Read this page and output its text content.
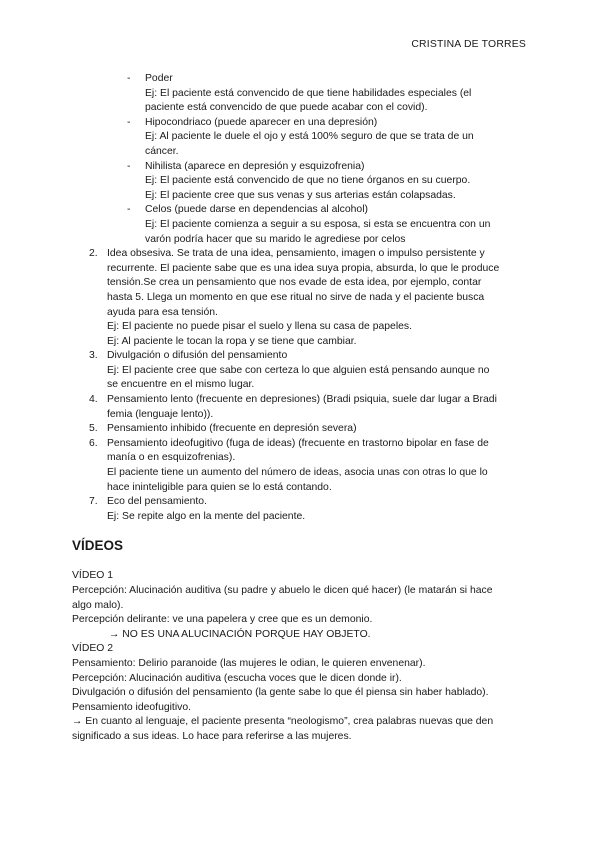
CRISTINA DE TORRES
- Poder
Ej: El paciente está convencido de que tiene habilidades especiales (el
paciente está convencido de que puede acabar con el covid).
- Hipocondriaco (puede aparecer en una depresión)
Ej: Al paciente le duele el ojo y está 100% seguro de que se trata de un
cáncer.
- Nihilista (aparece en depresión y esquizofrenia)
Ej: El paciente está convencido de que no tiene órganos en su cuerpo.
Ej: El paciente cree que sus venas y sus arterias están colapsadas.
- Celos (puede darse en dependencias al alcohol)
Ej: El paciente comienza a seguir a su esposa, si esta se encuentra con un
varón podría hacer que su marido le agrediese por celos
2. Idea obsesiva. Se trata de una idea, pensamiento, imagen o impulso persistente y
recurrente. El paciente sabe que es una idea suya propia, absurda, lo que le produce
tensión.Se crea un pensamiento que nos evade de esta idea, por ejemplo, contar
hasta 5. Llega un momento en que ese ritual no sirve de nada y el paciente busca
ayuda para esa tensión.
Ej: El paciente no puede pisar el suelo y llena su casa de papeles.
Ej: Al paciente le tocan la ropa y se tiene que cambiar.
3. Divulgación o difusión del pensamiento
Ej: El paciente cree que sabe con certeza lo que alguien está pensando aunque no
se encuentre en el mismo lugar.
4. Pensamiento lento (frecuente en depresiones) (Bradi psiquia, suele dar lugar a Bradi
femia (lenguaje lento)).
5. Pensamiento inhibido (frecuente en depresión severa)
6. Pensamiento ideofugitivo (fuga de ideas) (frecuente en trastorno bipolar en fase de
manía o en esquizofrenias).
El paciente tiene un aumento del número de ideas, asocia unas con otras lo que lo
hace ininteligible para quien se lo está contando.
7. Eco del pensamiento.
Ej: Se repite algo en la mente del paciente.
VÍDEOS
VÍDEO 1
Percepción: Alucinación auditiva (su padre y abuelo le dicen qué hacer) (le matarán si hace
algo malo).
Percepción delirante: ve una papelera y cree que es un demonio.
→ NO ES UNA ALUCINACIÓN PORQUE HAY OBJETO.
VÍDEO 2
Pensamiento: Delirio paranoide (las mujeres le odian, le quieren envenenar).
Percepción: Alucinación auditiva (escucha voces que le dicen donde ir).
Divulgación o difusión del pensamiento (la gente sabe lo que él piensa sin haber hablado).
Pensamiento ideofugitivo.
→ En cuanto al lenguaje, el paciente presenta “neologismo”, crea palabras nuevas que den
significado a sus ideas. Lo hace para referirse a las mujeres.
